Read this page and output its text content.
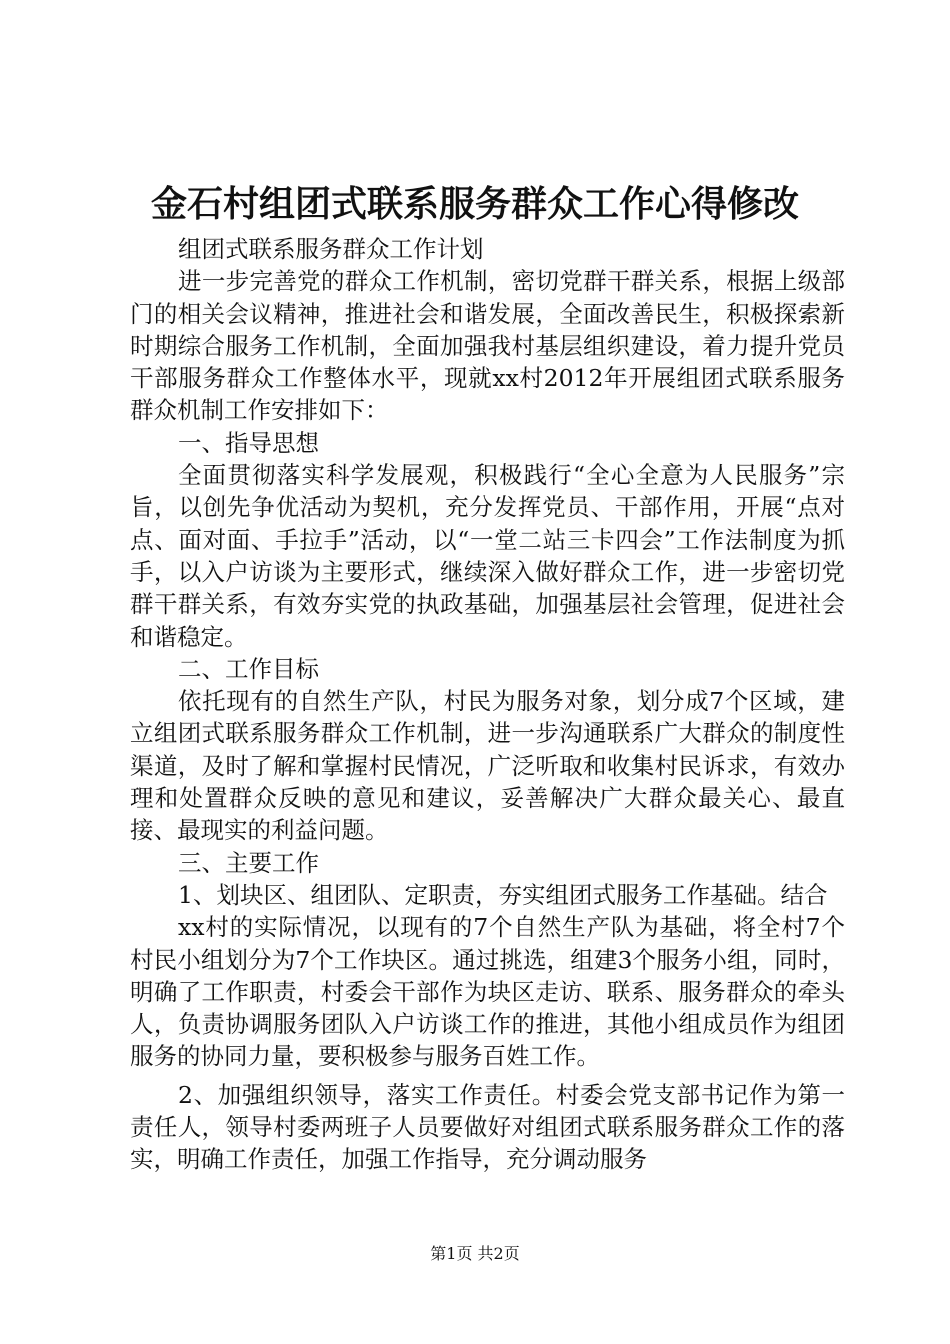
金石村组团式联系服务群众工作心得修改

组团式联系服务群众工作计划

进一步完善党的群众工作机制，密切党群干群关系，根据上级部门的相关会议精神，推进社会和谐发展，全面改善民生，积极探索新时期综合服务工作机制，全面加强我村基层组织建设，着力提升党员干部服务群众工作整体水平，现就xx村2012年开展组团式联系服务群众机制工作安排如下：

一、指导思想

全面贯彻落实科学发展观，积极践行“全心全意为人民服务”宗旨，以创先争优活动为契机，充分发挥党员、干部作用，开展“点对点、面对面、手拉手”活动，以“一堂二站三卡四会”工作法制度为抓手，以入户访谈为主要形式，继续深入做好群众工作，进一步密切党群干群关系，有效夯实党的执政基础，加强基层社会管理，促进社会和谐稳定。

二、工作目标

依托现有的自然生产队，村民为服务对象，划分成7个区域，建立组团式联系服务群众工作机制，进一步沟通联系广大群众的制度性渠道，及时了解和掌握村民情况，广泛听取和收集村民诉求，有效办理和处置群众反映的意见和建议，妥善解决广大群众最关心、最直接、最现实的利益问题。

三、主要工作

1、划块区、组团队、定职责，夯实组团式服务工作基础。结合

xx村的实际情况，以现有的7个自然生产队为基础，将全村7个村民小组划分为7个工作块区。通过挑选，组建3个服务小组，同时，明确了工作职责，村委会干部作为块区走访、联系、服务群众的牵头人，负责协调服务团队入户访谈工作的推进，其他小组成员作为组团服务的协同力量，要积极参与服务百姓工作。

2、加强组织领导，落实工作责任。村委会党支部书记作为第一责任人，领导村委两班子人员要做好对组团式联系服务群众工作的落实，明确工作责任，加强工作指导，充分调动服务

第1页 共2页
